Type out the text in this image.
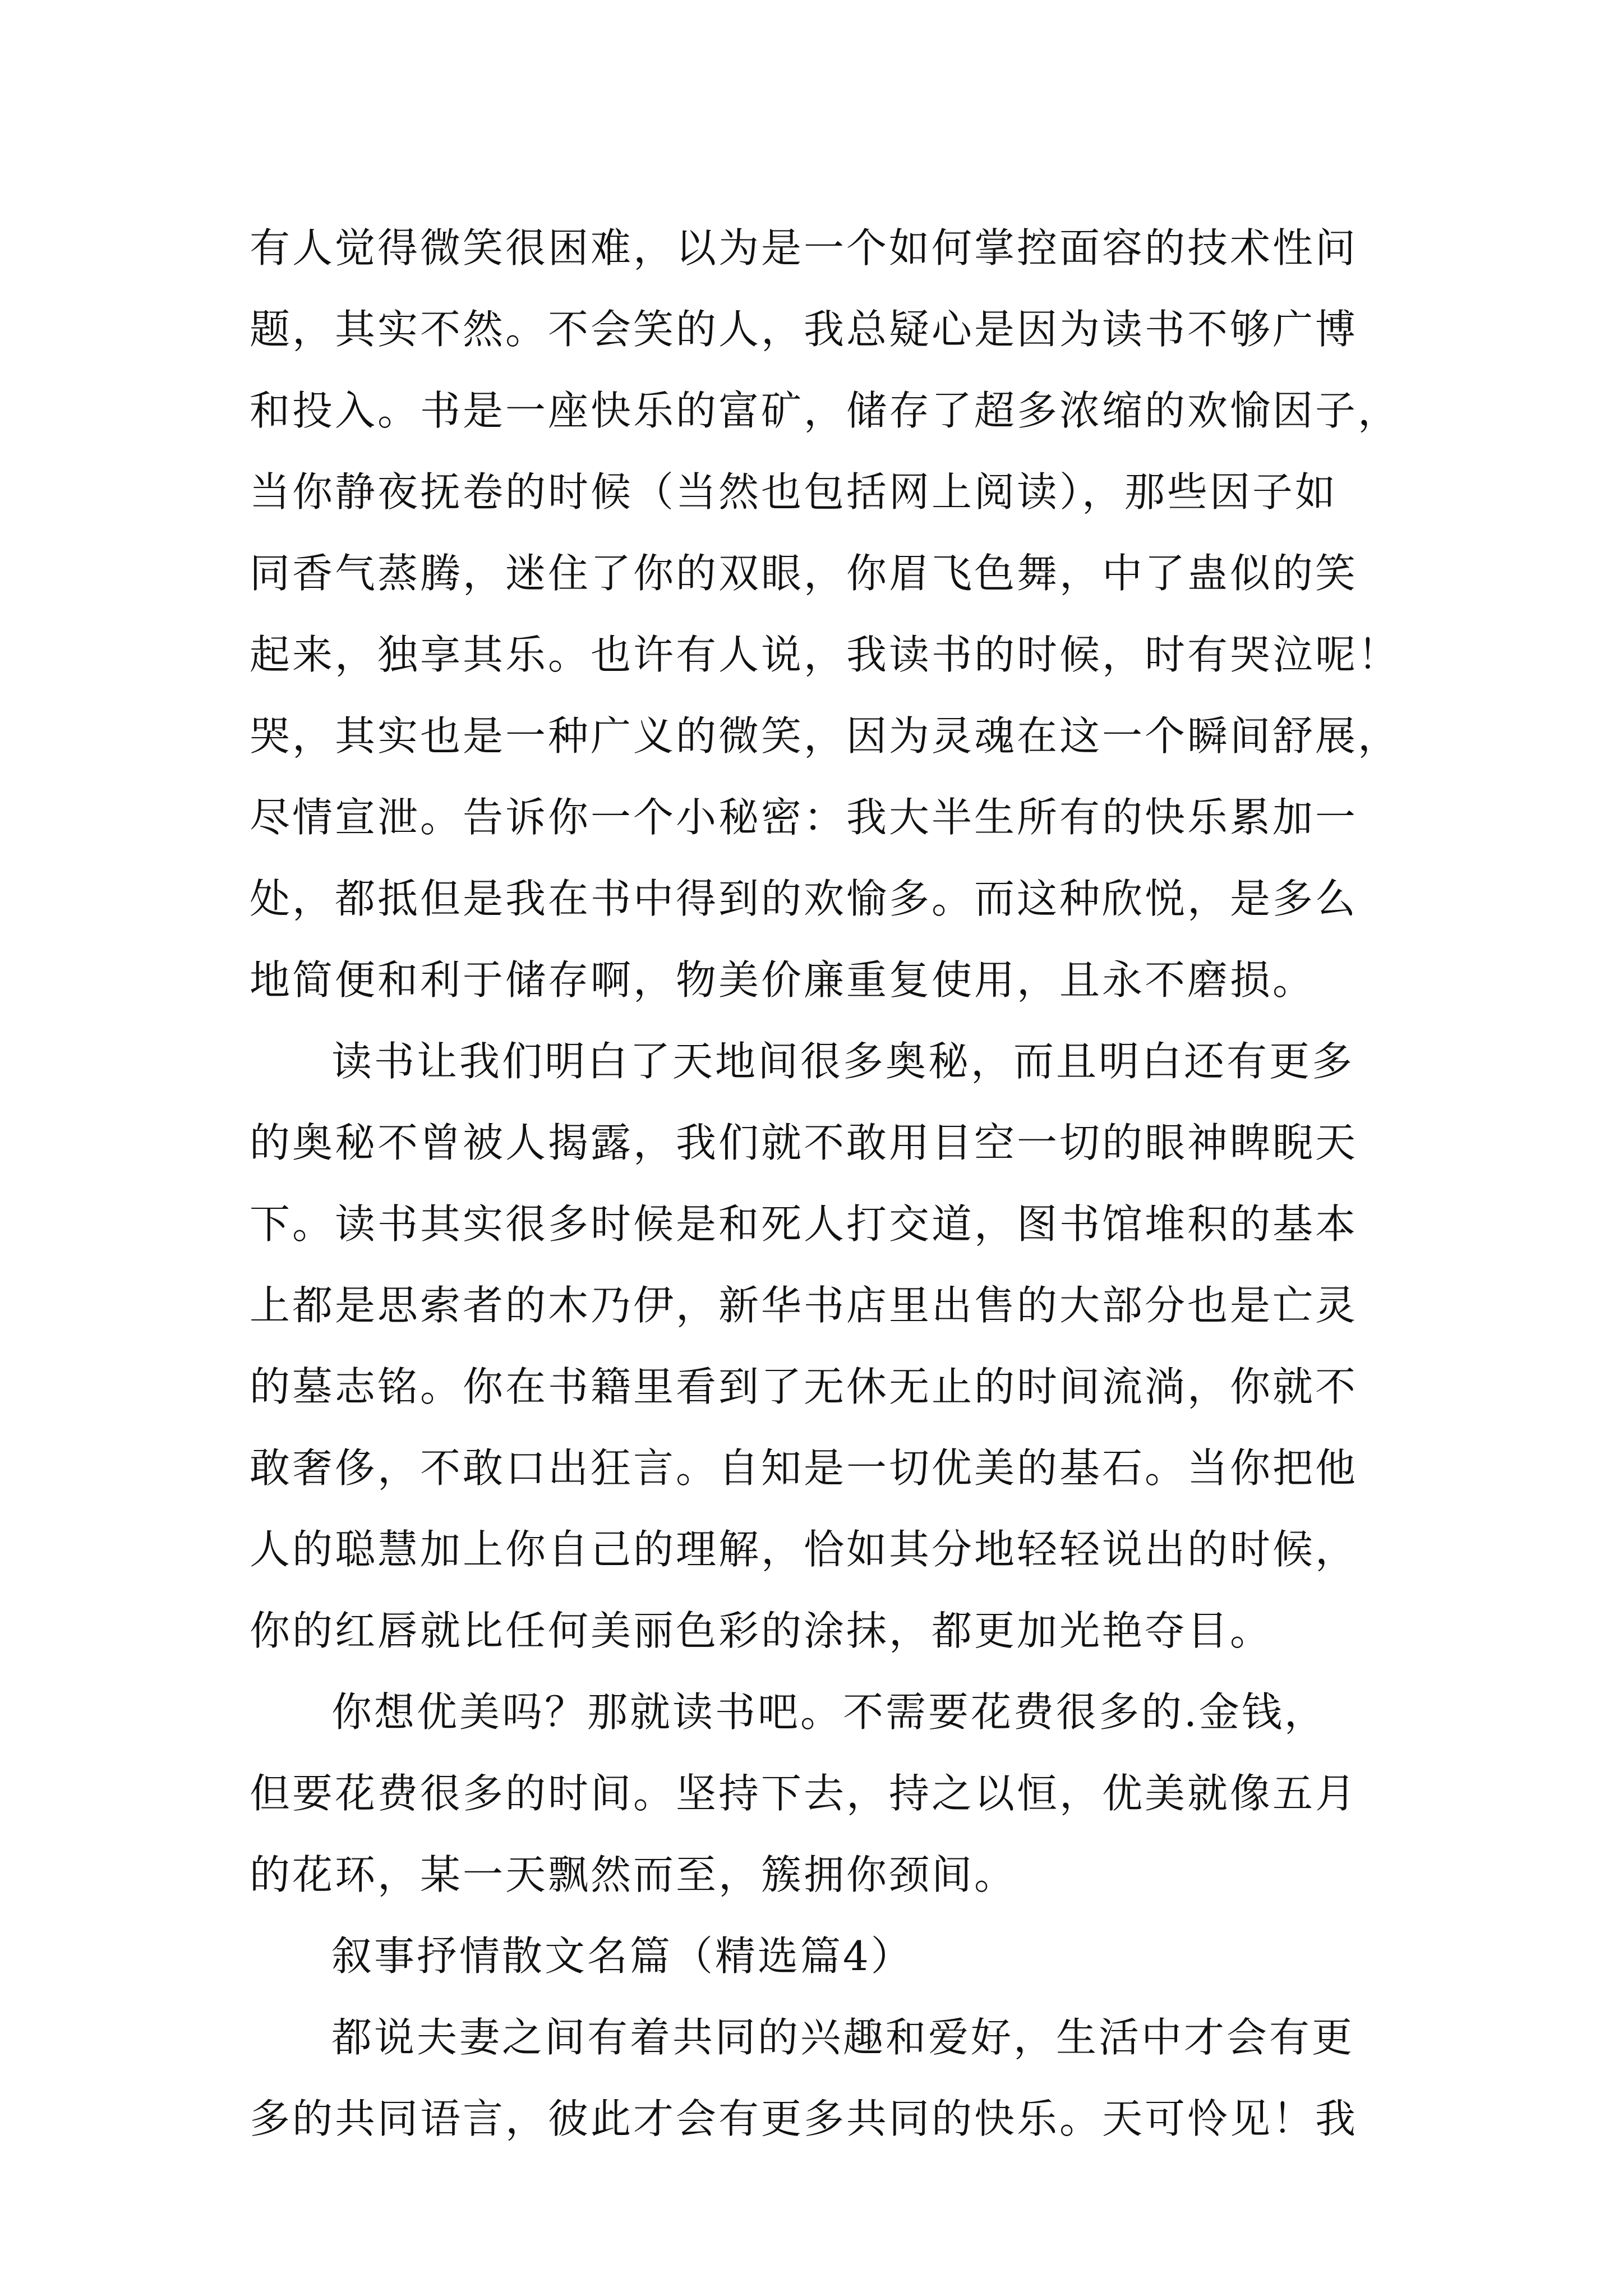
有人觉得微笑很困难，以为是一个如何掌控面容的技术性问
题，其实不然。不会笑的人，我总疑心是因为读书不够广博
和投入。书是一座快乐的富矿，储存了超多浓缩的欢愉因子，
当你静夜抚卷的时候（当然也包括网上阅读），那些因子如
同香气蒸腾，迷住了你的双眼，你眉飞色舞，中了蛊似的笑
起来，独享其乐。也许有人说，我读书的时候，时有哭泣呢！
哭，其实也是一种广义的微笑，因为灵魂在这一个瞬间舒展，
尽情宣泄。告诉你一个小秘密：我大半生所有的快乐累加一
处，都抵但是我在书中得到的欢愉多。而这种欣悦，是多么
地简便和利于储存啊，物美价廉重复使用，且永不磨损。
读书让我们明白了天地间很多奥秘，而且明白还有更多
的奥秘不曾被人揭露，我们就不敢用目空一切的眼神睥睨天
下。读书其实很多时候是和死人打交道，图书馆堆积的基本
上都是思索者的木乃伊，新华书店里出售的大部分也是亡灵
的墓志铭。你在书籍里看到了无休无止的时间流淌，你就不
敢奢侈，不敢口出狂言。自知是一切优美的基石。当你把他
人的聪慧加上你自己的理解，恰如其分地轻轻说出的时候，
你的红唇就比任何美丽色彩的涂抹，都更加光艳夺目。
你想优美吗？那就读书吧。不需要花费很多的.金钱，
但要花费很多的时间。坚持下去，持之以恒，优美就像五月
的花环，某一天飘然而至，簇拥你颈间。
叙事抒情散文名篇（精选篇4）
都说夫妻之间有着共同的兴趣和爱好，生活中才会有更
多的共同语言，彼此才会有更多共同的快乐。天可怜见！我
